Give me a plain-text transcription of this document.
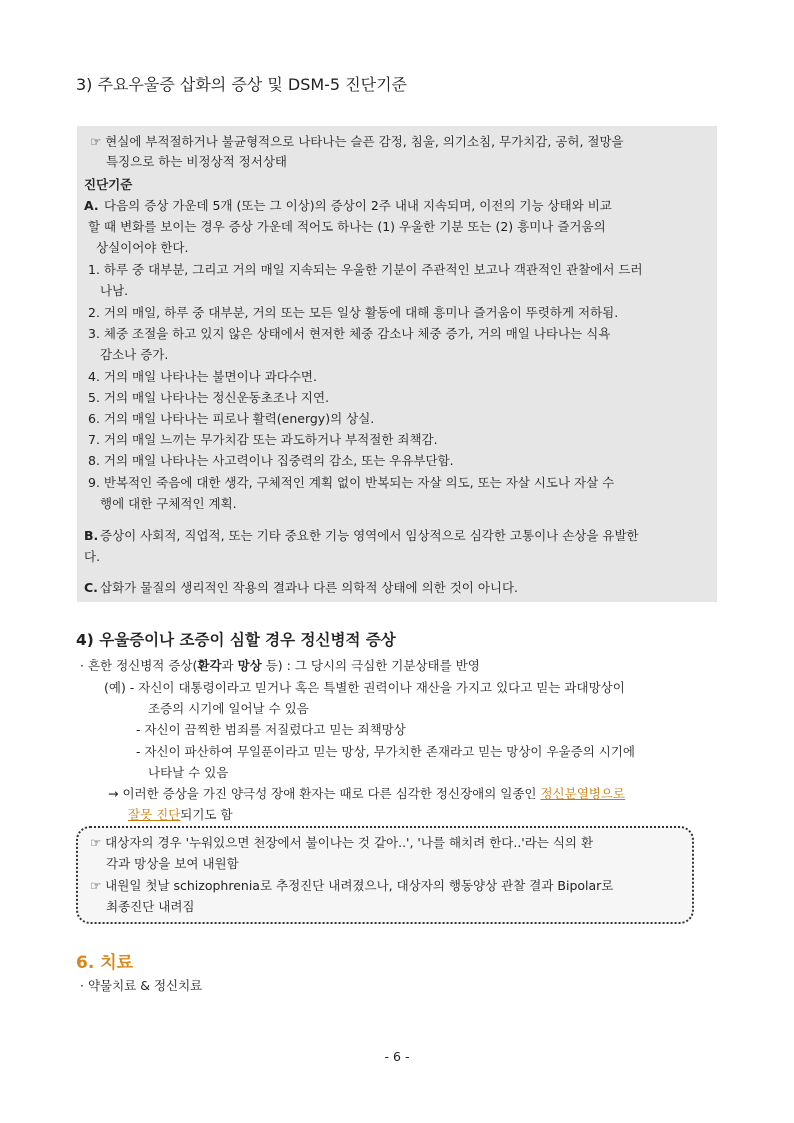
3) 주요우울증 삽화의 증상 및 DSM-5 진단기준
☞ 현실에 부적절하거나 불균형적으로 나타나는 슬픈 감정, 침울, 의기소침, 무가치감, 공허, 절망을
특징으로 하는 비정상적 정서상태
진단기준
A. 다음의 증상 가운데 5개 (또는 그 이상)의 증상이 2주 내내 지속되며, 이전의 기능 상태와 비교
할 때 변화를 보이는 경우 증상 가운데 적어도 하나는 (1) 우울한 기분 또는 (2) 흥미나 즐거움의
상실이어야 한다.
1. 하루 중 대부분, 그리고 거의 매일 지속되는 우울한 기분이 주관적인 보고나 객관적인 관찰에서 드러
나남.
2. 거의 매일, 하루 중 대부분, 거의 또는 모든 일상 활동에 대해 흥미나 즐거움이 뚜렷하게 저하됨.
3. 체중 조절을 하고 있지 않은 상태에서 현저한 체중 감소나 체중 증가, 거의 매일 나타나는 식욕
감소나 증가.
4. 거의 매일 나타나는 불면이나 과다수면.
5. 거의 매일 나타나는 정신운동초조나 지연.
6. 거의 매일 나타나는 피로나 활력(energy)의 상실.
7. 거의 매일 느끼는 무가치감 또는 과도하거나 부적절한 죄책감.
8. 거의 매일 나타나는 사고력이나 집중력의 감소, 또는 우유부단함.
9. 반복적인 죽음에 대한 생각, 구체적인 계획 없이 반복되는 자살 의도, 또는 자살 시도나 자살 수
행에 대한 구체적인 계획.
B. 증상이 사회적, 직업적, 또는 기타 중요한 기능 영역에서 임상적으로 심각한 고통이나 손상을 유발한
다.
C. 삽화가 물질의 생리적인 작용의 결과나 다른 의학적 상태에 의한 것이 아니다.
4) 우울증이나 조증이 심할 경우 정신병적 증상
· 흔한 정신병적 증상(환각과 망상 등) : 그 당시의 극심한 기분상태를 반영
(예) - 자신이 대통령이라고 믿거나 혹은 특별한 권력이나 재산을 가지고 있다고 믿는 과대망상이
조증의 시기에 일어날 수 있음
- 자신이 끔찍한 범죄를 저질렀다고 믿는 죄책망상
- 자신이 파산하여 무일푼이라고 믿는 망상, 무가치한 존재라고 믿는 망상이 우울증의 시기에
나타날 수 있음
→ 이러한 증상을 가진 양극성 장애 환자는 때로 다른 심각한 정신장애의 일종인 정신분열병으로
잘못 진단되기도 함
☞ 대상자의 경우 '누워있으면 천장에서 불이나는 것 같아..', '나를 해치려 한다..'라는 식의 환
각과 망상을 보여 내원함
☞ 내원일 첫날 schizophrenia로 추정진단 내려졌으나, 대상자의 행동양상 관찰 결과 Bipolar로
최종진단 내려짐
6. 치료
· 약물치료 & 정신치료
- 6 -
